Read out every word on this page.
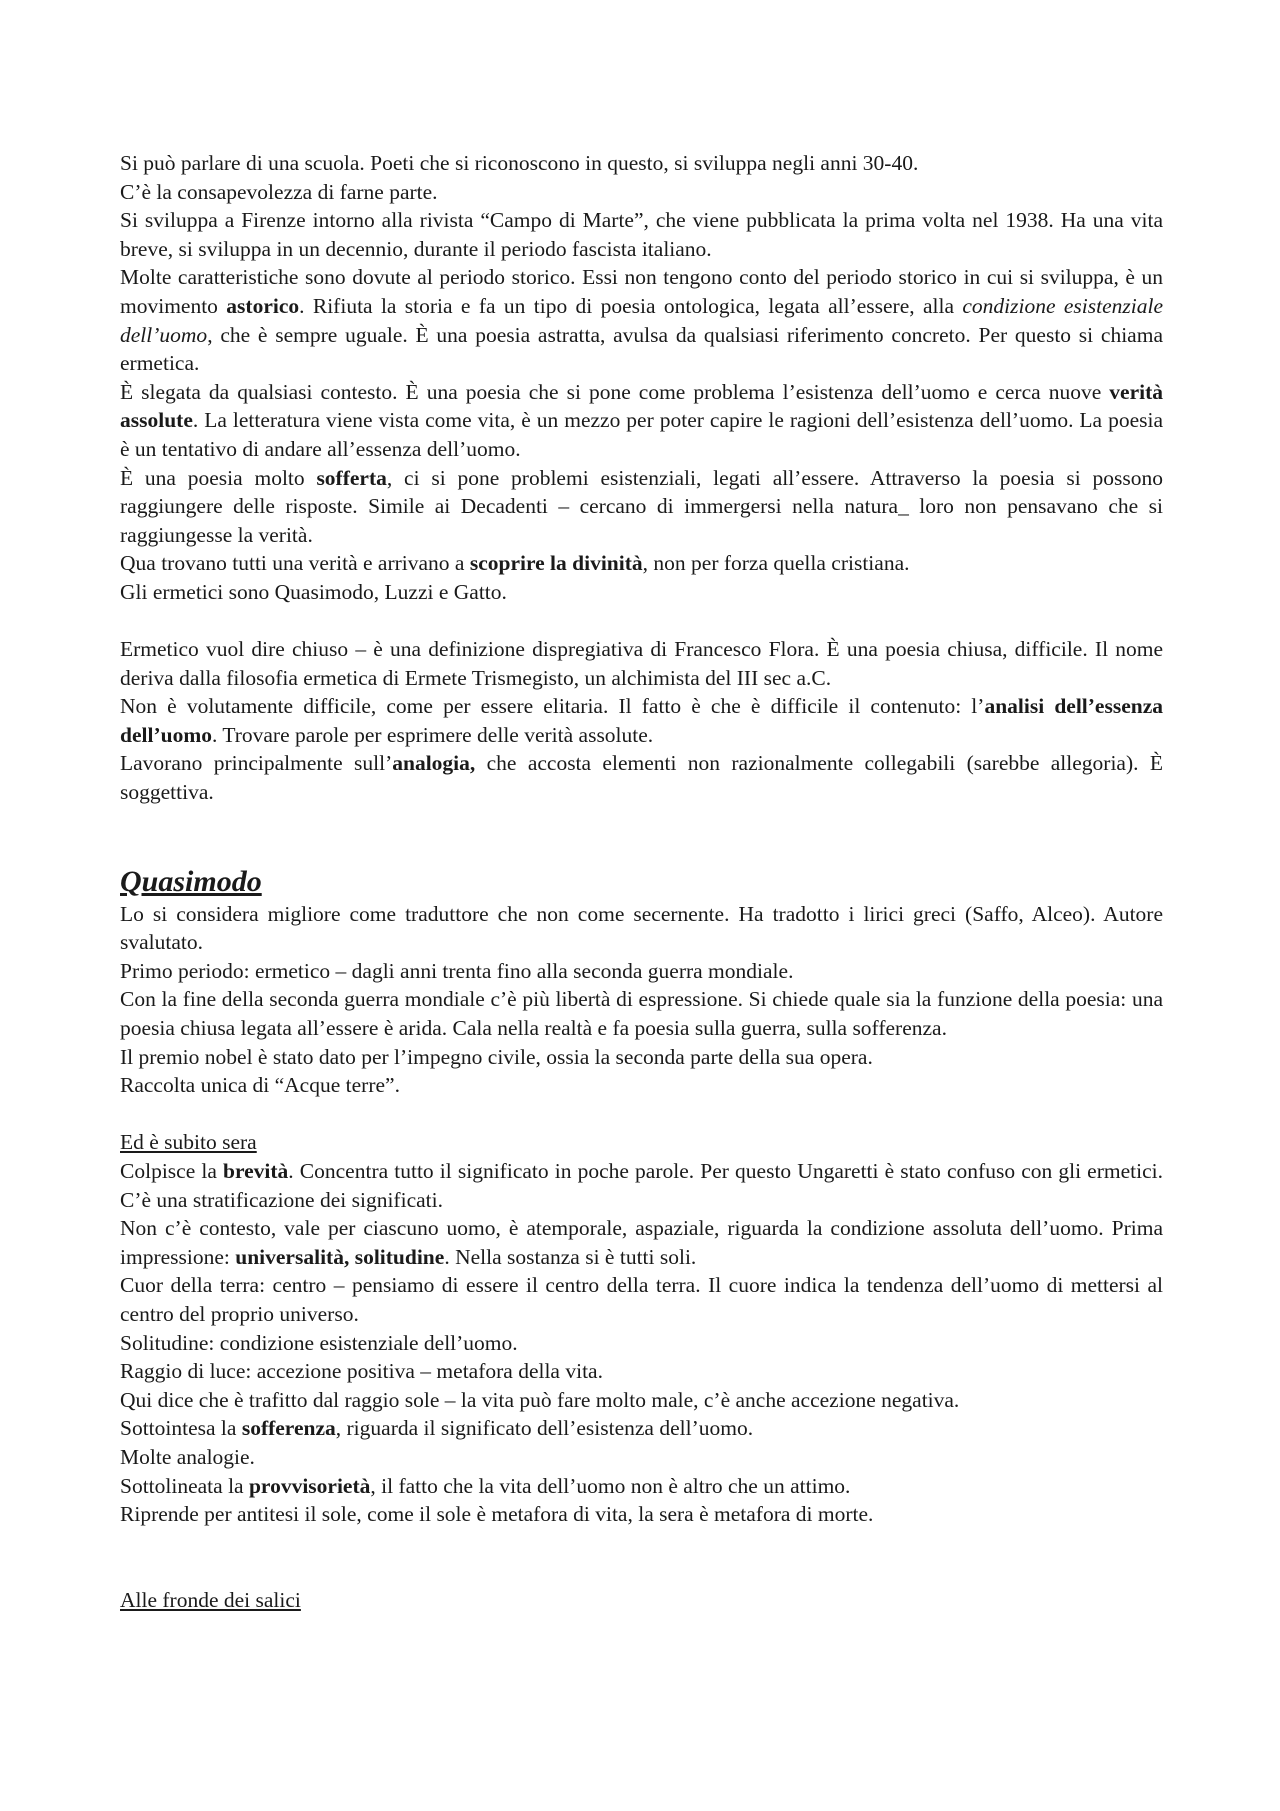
Si può parlare di una scuola. Poeti che si riconoscono in questo, si sviluppa negli anni 30-40.

C’è la consapevolezza di farne parte.

Si sviluppa a Firenze intorno alla rivista “Campo di Marte”, che viene pubblicata la prima volta nel 1938. Ha una vita breve, si sviluppa in un decennio, durante il periodo fascista italiano.

Molte caratteristiche sono dovute al periodo storico. Essi non tengono conto del periodo storico in cui si sviluppa, è un movimento astorico. Rifiuta la storia e fa un tipo di poesia ontologica, legata all’essere, alla condizione esistenziale dell’uomo, che è sempre uguale. È una poesia astratta, avulsa da qualsiasi riferimento concreto. Per questo si chiama ermetica.

È slegata da qualsiasi contesto. È una poesia che si pone come problema l’esistenza dell’uomo e cerca nuove verità assolute. La letteratura viene vista come vita, è un mezzo per poter capire le ragioni dell’esistenza dell’uomo. La poesia è un tentativo di andare all’essenza dell’uomo.

È una poesia molto sofferta, ci si pone problemi esistenziali, legati all’essere. Attraverso la poesia si possono raggiungere delle risposte. Simile ai Decadenti – cercano di immergersi nella natura_ loro non pensavano che si raggiungesse la verità.

Qua trovano tutti una verità e arrivano a scoprire la divinità, non per forza quella cristiana.

Gli ermetici sono Quasimodo, Luzzi e Gatto.

Ermetico vuol dire chiuso – è una definizione dispregiativa di Francesco Flora. È una poesia chiusa, difficile. Il nome deriva dalla filosofia ermetica di Ermete Trismegisto, un alchimista del III sec a.C.

Non è volutamente difficile, come per essere elitaria. Il fatto è che è difficile il contenuto: l’analisi dell’essenza dell’uomo. Trovare parole per esprimere delle verità assolute.

Lavorano principalmente sull’analogia, che accosta elementi non razionalmente collegabili (sarebbe allegoria). È soggettiva.

Quasimodo

Lo si considera migliore come traduttore che non come secernente. Ha tradotto i lirici greci (Saffo, Alceo). Autore svalutato.

Primo periodo: ermetico – dagli anni trenta fino alla seconda guerra mondiale.

Con la fine della seconda guerra mondiale c’è più libertà di espressione. Si chiede quale sia la funzione della poesia: una poesia chiusa legata all’essere è arida. Cala nella realtà e fa poesia sulla guerra, sulla sofferenza.

Il premio nobel è stato dato per l’impegno civile, ossia la seconda parte della sua opera.

Raccolta unica di “Acque terre”.

Ed è subito sera

Colpisce la brevità. Concentra tutto il significato in poche parole. Per questo Ungaretti è stato confuso con gli ermetici. C’è una stratificazione dei significati.

Non c’è contesto, vale per ciascuno uomo, è atemporale, aspaziale, riguarda la condizione assoluta dell’uomo. Prima impressione: universalità, solitudine. Nella sostanza si è tutti soli.

Cuor della terra: centro – pensiamo di essere il centro della terra. Il cuore indica la tendenza dell’uomo di mettersi al centro del proprio universo.

Solitudine: condizione esistenziale dell’uomo.

Raggio di luce: accezione positiva – metafora della vita.

Qui dice che è trafitto dal raggio sole – la vita può fare molto male, c’è anche accezione negativa.

Sottointesa la sofferenza, riguarda il significato dell’esistenza dell’uomo.

Molte analogie.

Sottolineata la provvisorietà, il fatto che la vita dell’uomo non è altro che un attimo.

Riprende per antitesi il sole, come il sole è metafora di vita, la sera è metafora di morte.

Alle fronde dei salici
